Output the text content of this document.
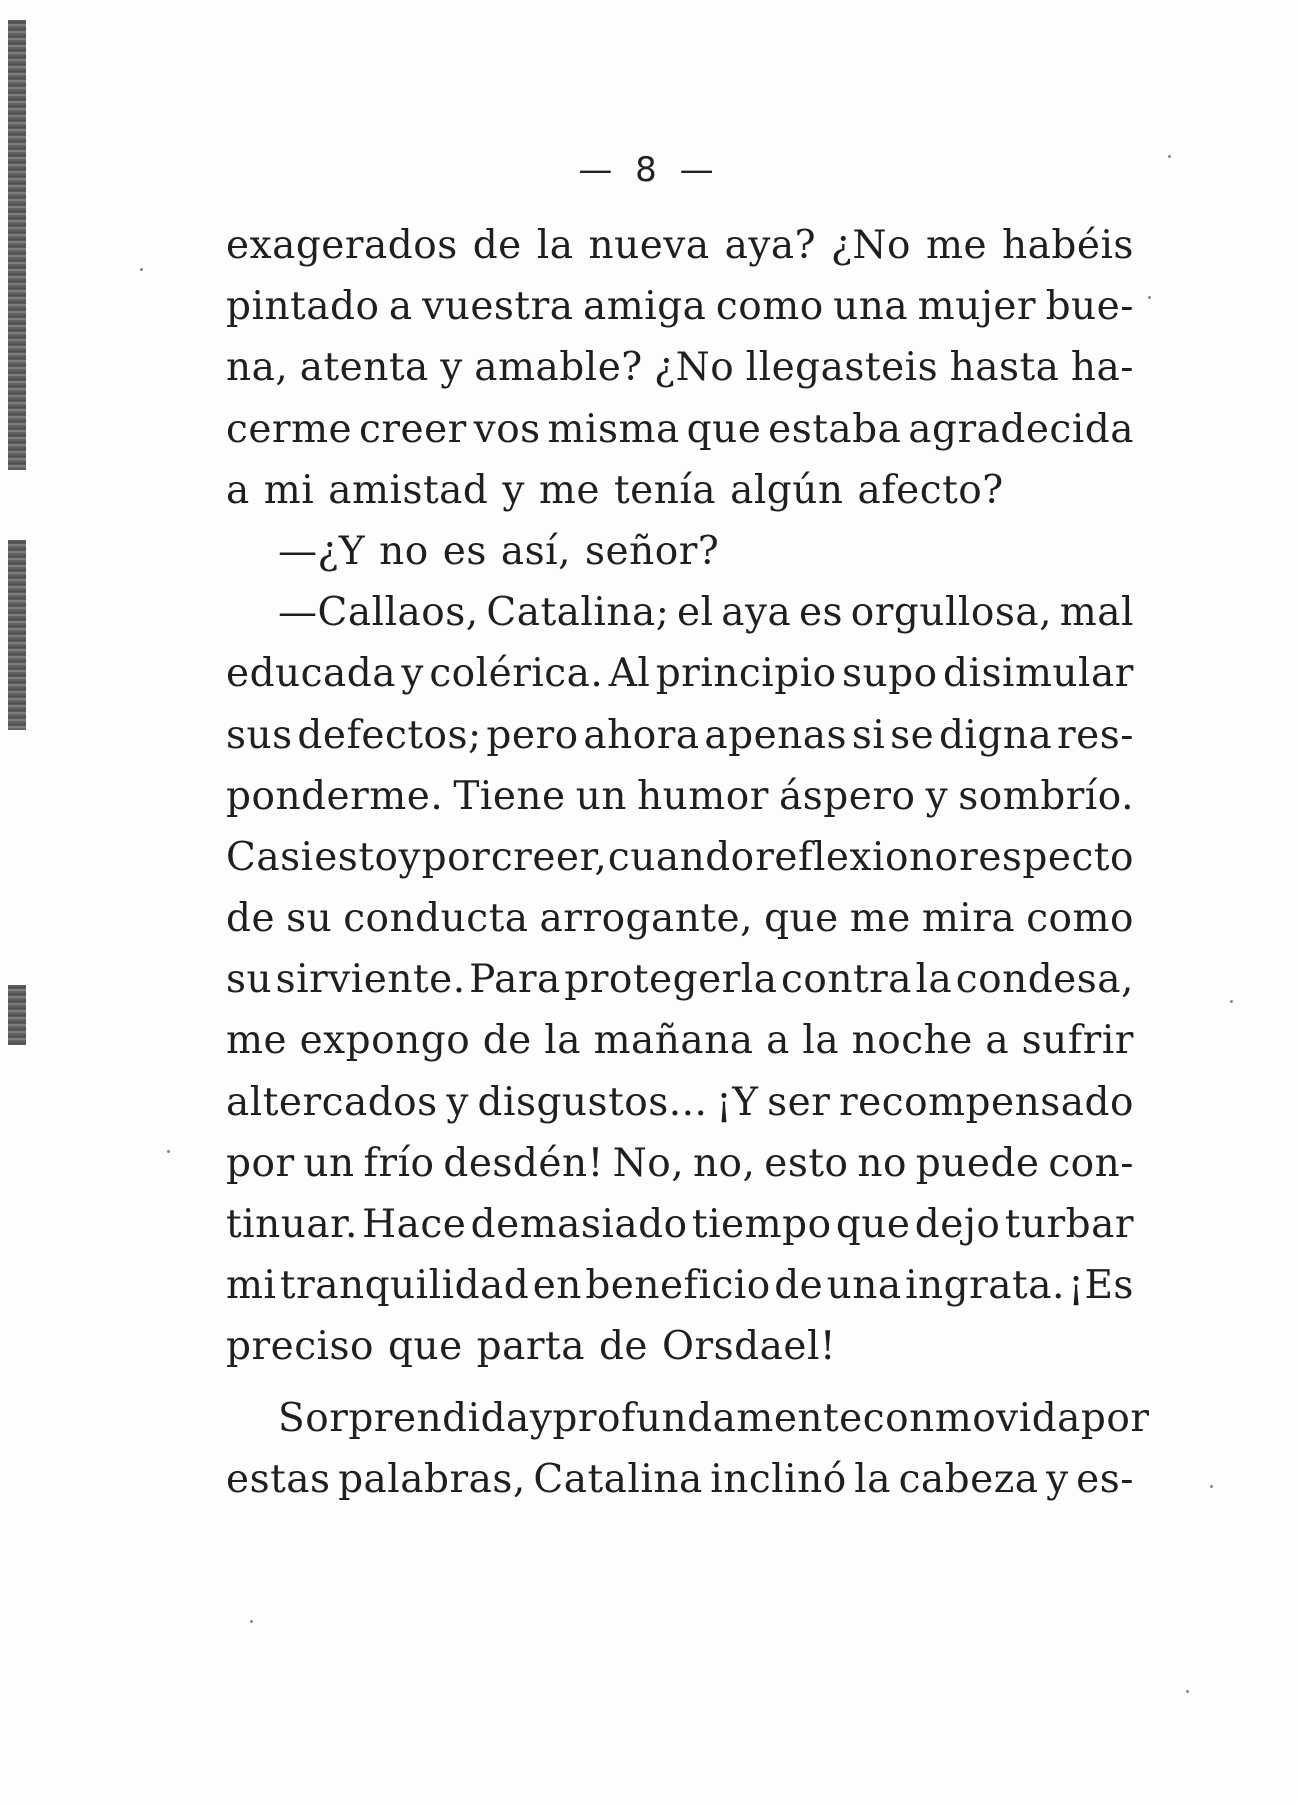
— 8 —
exagerados de la nueva aya? ¿No me habéis
pintado a vuestra amiga como una mujer bue-
na, atenta y amable? ¿No llegasteis hasta ha-
cerme creer vos misma que estaba agradecida
a mi amistad y me tenía algún afecto?
—¿Y no es así, señor?
—Callaos, Catalina; el aya es orgullosa, mal
educada y colérica. Al principio supo disimular
sus defectos; pero ahora apenas si se digna res-
ponderme. Tiene un humor áspero y sombrío.
Casi estoy por creer, cuando reflexiono respecto
de su conducta arrogante, que me mira como
su sirviente. Para protegerla contra la condesa,
me expongo de la mañana a la noche a sufrir
altercados y disgustos... ¡Y ser recompensado
por un frío desdén! No, no, esto no puede con-
tinuar. Hace demasiado tiempo que dejo turbar
mi tranquilidad en beneficio de una ingrata. ¡Es
preciso que parta de Orsdael!
Sorprendida y profundamente conmovida por
estas palabras, Catalina inclinó la cabeza y es-
